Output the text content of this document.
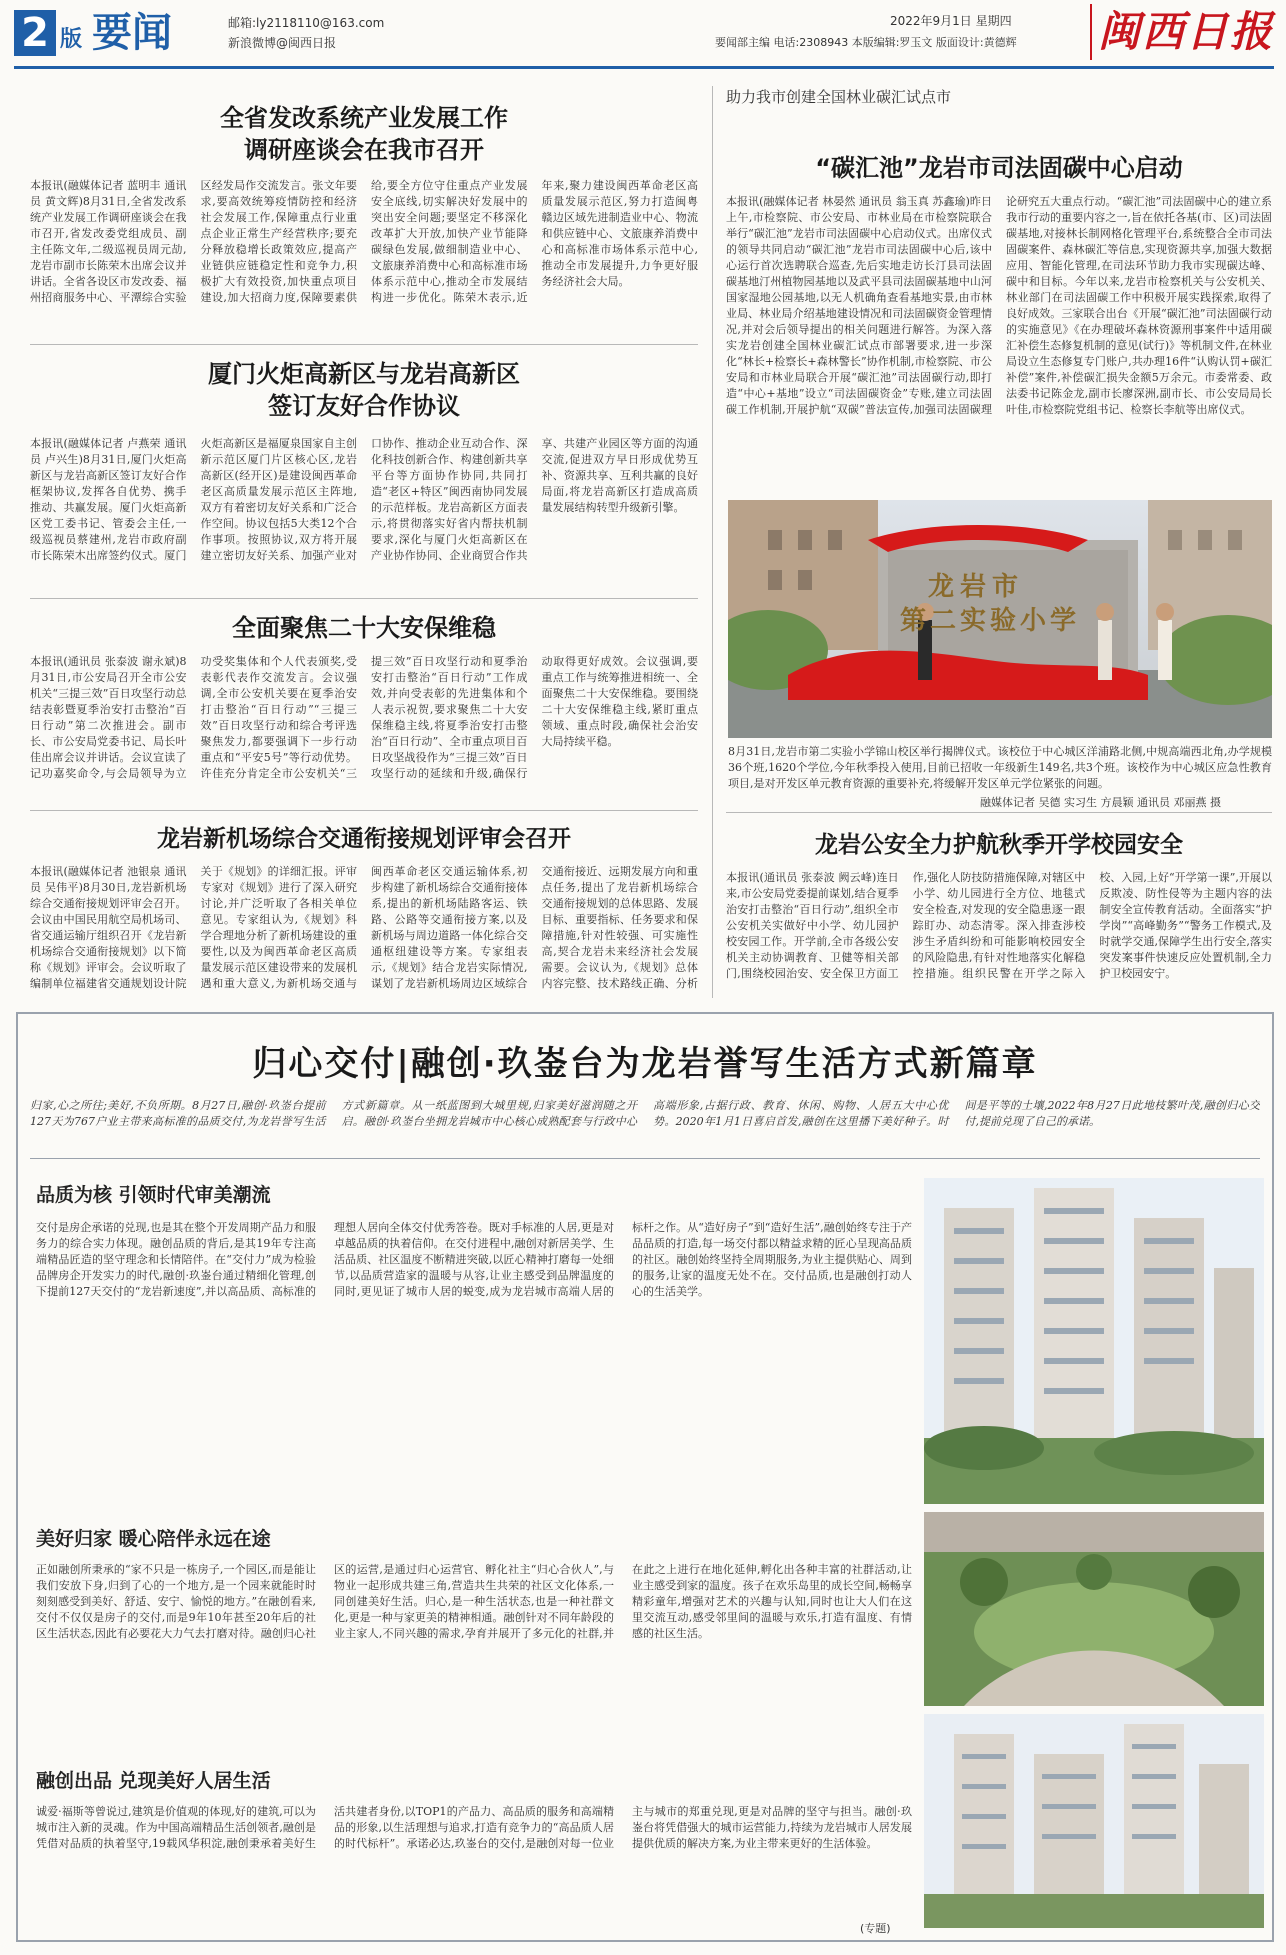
2 版 要闻	邮箱:ly2118110@163.com
新浪微博@闽西日报
2022年9月1日 星期四
要闻部主编 电话:2308943 本版编辑:罗玉文 版面设计:黄德辉 闽西日报
全省发改系统产业发展工作
调研座谈会在我市召开
本报讯(融媒体记者 蓝明丰 通讯员 黄文辉)8月31日,全省发改系统产业发展工作调研座谈会在我市召开,省发改委党组成员、副主任陈文年,二级巡视员周元劼,龙岩市副市长陈荣木出席会议并讲话。全省各设区市发改委、福州招商服务中心、平潭综合实验区经发局作交流发言。张文年要求,要高效统筹疫情防控和经济社会发展工作,保障重点行业重点企业正常生产经营秩序;要充分释放稳增长政策效应,提高产业链供应链稳定性和竞争力,积极扩大有效投资,加快重点项目建设,加大招商力度,保障要素供给,要全方位守住重点产业发展安全底线,切实解决好发展中的突出安全问题;要坚定不移深化改革扩大开放,加快产业节能降碳绿色发展,做细制造业中心、文旅康养消费中心和高标准市场体系示范中心,推动全市发展结构进一步优化。陈荣木表示,近年来,聚力建设闽西革命老区高质量发展示范区,努力打造闽粤赣边区域先进制造业中心、物流和供应链中心、文旅康养消费中心和高标准市场体系示范中心,推动全市发展提升,力争更好服务经济社会大局。
厦门火炬高新区与龙岩高新区
签订友好合作协议
本报讯(融媒体记者 卢燕荣 通讯员 卢兴生)8月31日,厦门火炬高新区与龙岩高新区签订友好合作框架协议,发挥各自优势、携手推动、共赢发展。厦门火炬高新区党工委书记、管委会主任,一级巡视员蔡建州,龙岩市政府副市长陈荣木出席签约仪式。厦门火炬高新区是福厦泉国家自主创新示范区厦门片区核心区,龙岩高新区(经开区)是建设闽西革命老区高质量发展示范区主阵地,双方有着密切友好关系和广泛合作空间。协议包括5大类12个合作事项。按照协议,双方将开展建立密切友好关系、加强产业对口协作、推动企业互动合作、深化科技创新合作、构建创新共享平台等方面协作协同,共同打造“老区+特区”闽西南协同发展的示范样板。龙岩高新区方面表示,将贯彻落实好省内帮扶机制要求,深化与厦门火炬高新区在产业协作协同、企业商贸合作共享、共建产业园区等方面的沟通交流,促进双方早日形成优势互补、资源共享、互利共赢的良好局面,将龙岩高新区打造成高质量发展结构转型升级新引擎。
全面聚焦二十大安保维稳
本报讯(通讯员 张泰波 谢永斌)8月31日,市公安局召开全市公安机关“三提三效”百日攻坚行动总结表彰暨夏季治安打击整治“百日行动”第二次推进会。副市长、市公安局党委书记、局长叶佳出席会议并讲话。会议宣读了记功嘉奖命令,与会局领导为立功受奖集体和个人代表颁奖,受表彰代表作交流发言。会议强调,全市公安机关要在夏季治安打击整治“百日行动”“三提三效”百日攻坚行动和综合考评选聚焦发力,都要强调下一步行动重点和“平安5号”等行动优势。许佳充分肯定全市公安机关“三提三效”百日攻坚行动和夏季治安打击整治“百日行动”工作成效,并向受表彰的先进集体和个人表示祝贺,要求聚焦二十大安保维稳主线,将夏季治安打击整治“百日行动”、全市重点项目百日攻坚战役作为“三提三效”百日攻坚行动的延续和升级,确保行动取得更好成效。会议强调,要重点工作与统筹推进相统一、全面聚焦二十大安保维稳。要围绕二十大安保维稳主线,紧盯重点领域、重点时段,确保社会治安大局持续平稳。
龙岩新机场综合交通衔接规划评审会召开
本报讯(融媒体记者 池银泉 通讯员 吴伟平)8月30日,龙岩新机场综合交通衔接规划评审会召开。会议由中国民用航空局机场司、省交通运输厅组织召开《龙岩新机场综合交通衔接规划》以下简称《规划》评审会。会议听取了编制单位福建省交通规划设计院关于《规划》的详细汇报。评审专家对《规划》进行了深入研究讨论,并广泛听取了各相关单位意见。专家组认为,《规划》科学合理地分析了新机场建设的重要性,以及为闽西革命老区高质量发展示范区建设带来的发展机遇和重大意义,为新机场交通与闽西革命老区交通运输体系,初步构建了新机场综合交通衔接体系,提出的新机场陆路客运、铁路、公路等交通衔接方案,以及新机场与周边道路一体化综合交通枢纽建设等方案。专家组表示,《规划》结合龙岩实际情况,谋划了龙岩新机场周边区域综合交通衔接近、远期发展方向和重点任务,提出了龙岩新机场综合交通衔接规划的总体思路、发展目标、重要指标、任务要求和保障措施,针对性较强、可实施性高,契合龙岩未来经济社会发展需要。会议认为,《规划》总体内容完整、技术路线正确、分析
助力我市创建全国林业碳汇试点市
“碳汇池”龙岩市司法固碳中心启动
本报讯(融媒体记者 林晏然 通讯员 翁玉真 苏鑫瑜)昨日上午,市检察院、市公安局、市林业局在市检察院联合举行“碳汇池”龙岩市司法固碳中心启动仪式。出席仪式的领导共同启动“碳汇池”龙岩市司法固碳中心后,该中心运行首次选聘联合巡查,先后实地走访长汀县司法固碳基地汀州植物园基地以及武平县司法固碳基地中山河国家湿地公园基地,以无人机确角查看基地实景,由市林业局、林业局介绍基地建设情况和司法固碳资金管理情况,并对会后领导提出的相关问题进行解答。为深入落实龙岩创建全国林业碳汇试点市部署要求,进一步深化“林长+检察长+森林警长”协作机制,市检察院、市公安局和市林业局联合开展“碳汇池”司法固碳行动,即打造“中心+基地”设立“司法固碳资金”专账,建立司法固碳工作机制,开展护航“双碳”普法宣传,加强司法固碳理论研究五大重点行动。“碳汇池”司法固碳中心的建立系我市行动的重要内容之一,旨在依托各基(市、区)司法固碳基地,对接林长制网格化管理平台,系统整合全市司法固碳案件、森林碳汇等信息,实现资源共享,加强大数据应用、智能化管理,在司法环节助力我市实现碳达峰、碳中和目标。今年以来,龙岩市检察机关与公安机关、林业部门在司法固碳工作中积极开展实践探索,取得了良好成效。三家联合出台《开展“碳汇池”司法固碳行动的实施意见》《在办理破坏森林资源刑事案件中适用碳汇补偿生态修复机制的意见(试行)》等机制文件,在林业局设立生态修复专门账户,共办理16件“认购认罚+碳汇补偿”案件,补偿碳汇损失金额5万余元。市委常委、政法委书记陈金龙,副市长廖深洲,副市长、市公安局局长叶佳,市检察院党组书记、检察长李航等出席仪式。
龙岩市
第二实验小学
8月31日,龙岩市第二实验小学锦山校区举行揭牌仪式。该校位于中心城区洋浦路北侧,中规高端西北角,办学规模36个班,1620个学位,今年秋季投入使用,目前已招收一年级新生149名,共3个班。该校作为中心城区应急性教育项目,是对开发区单元教育资源的重要补充,将缓解开发区单元学位紧张的问题。
融媒体记者 吴德 实习生 方晨颖 通讯员 邓丽燕 摄
龙岩公安全力护航秋季开学校园安全
本报讯(通讯员 张泰波 阙云峰)连日来,市公安局党委提前谋划,结合夏季治安打击整治“百日行动”,组织全市公安机关实做好中小学、幼儿园护校安园工作。开学前,全市各级公安机关主动协调教育、卫健等相关部门,围绕校园治安、安全保卫方面工作,强化人防技防措施保障,对辖区中小学、幼儿园进行全方位、地毯式安全检查,对发现的安全隐患逐一跟踪盯办、动态清零。深入排查涉校涉生矛盾纠纷和可能影响校园安全的风险隐患,有针对性地落实化解稳控措施。组织民警在开学之际入校、入园,上好“开学第一课”,开展以反欺凌、防性侵等为主题内容的法制安全宣传教育活动。全面落实“护学岗”“高峰勤务”“警务工作模式,及时就学交通,保障学生出行安全,落实突发案事件快速反应处置机制,全力护卫校园安宁。
归心交付|融创·玖崟台为龙岩誉写生活方式新篇章
归家,心之所往;美好,不负所期。8月27日,融创·玖崟台提前127天为767户业主带来高标准的品质交付,为龙岩誉写生活方式新篇章。从一纸蓝图到大城里规,归家美好滋润随之开启。融创·玖崟台坐拥龙岩城市中心核心成熟配套与行政中心高端形象,占据行政、教育、休闲、购物、人居五大中心优势。2020年1月1日喜启首发,融创在这里播下美好种子。时间是平等的土壤,2022年8月27日此地枝繁叶茂,融创归心交付,提前兑现了自己的承诺。
品质为核 引领时代审美潮流
交付是房企承诺的兑现,也是其在整个开发周期产品力和服务力的综合实力体现。融创品质的背后,是其19年专注高端精品匠造的坚守理念和长情陪伴。在“交付力”成为检验品牌房企开发实力的时代,融创·玖崟台通过精细化管理,创下提前127天交付的“龙岩新速度”,并以高品质、高标准的理想人居向全体交付优秀答卷。既对手标准的人居,更是对卓越品质的执着信仰。在交付进程中,融创对新居美学、生活品质、社区温度不断精进突破,以匠心精神打磨每一处细节,以品质营造家的温暖与从容,让业主感受到品牌温度的同时,更见证了城市人居的蜕变,成为龙岩城市高端人居的标杆之作。从“造好房子”到“造好生活”,融创始终专注于产品品质的打造,每一场交付都以精益求精的匠心呈现高品质的社区。融创始终坚持全周期服务,为业主提供贴心、周到的服务,让家的温度无处不在。交付品质,也是融创打动人心的生活美学。
美好归家 暖心陪伴永远在途
正如融创所秉承的“家不只是一栋房子,一个园区,而是能让我们安放下身,归到了心的一个地方,是一个园来就能时时刻刻感受到美好、舒适、安宁、愉悦的地方。”在融创看来,交付不仅仅是房子的交付,而是9年10年甚至20年后的社区生活状态,因此有必要花大力气去打磨对待。融创归心社区的运营,是通过归心运营官、孵化社主“归心合伙人”,与物业一起形成共建三角,营造共生共荣的社区文化体系,一同创建美好生活。归心,是一种生活状态,也是一种社群文化,更是一种与家更美的精神相通。融创针对不同年龄段的业主家人,不同兴趣的需求,孕育并展开了多元化的社群,并在此之上进行在地化延伸,孵化出各种丰富的社群活动,让业主感受到家的温度。孩子在欢乐岛里的成长空间,畅畅享精彩童年,增强对艺术的兴趣与认知,同时也让大人们在这里交流互动,感受邻里间的温暖与欢乐,打造有温度、有情感的社区生活。
融创出品 兑现美好人居生活
诚爱·福斯等曾说过,建筑是价值观的体现,好的建筑,可以为城市注入新的灵魂。作为中国高端精品生活创领者,融创是凭借对品质的执着坚守,19载风华积淀,融创秉承着美好生活共建者身份,以TOP1的产品力、高品质的服务和高端精品的形象,以生活理想与追求,打造有竞争力的“高品质人居的时代标杆”。承诺必达,玖崟台的交付,是融创对每一位业主与城市的郑重兑现,更是对品牌的坚守与担当。融创·玖崟台将凭借强大的城市运营能力,持续为龙岩城市人居发展提供优质的解决方案,为业主带来更好的生活体验。
(专题)
